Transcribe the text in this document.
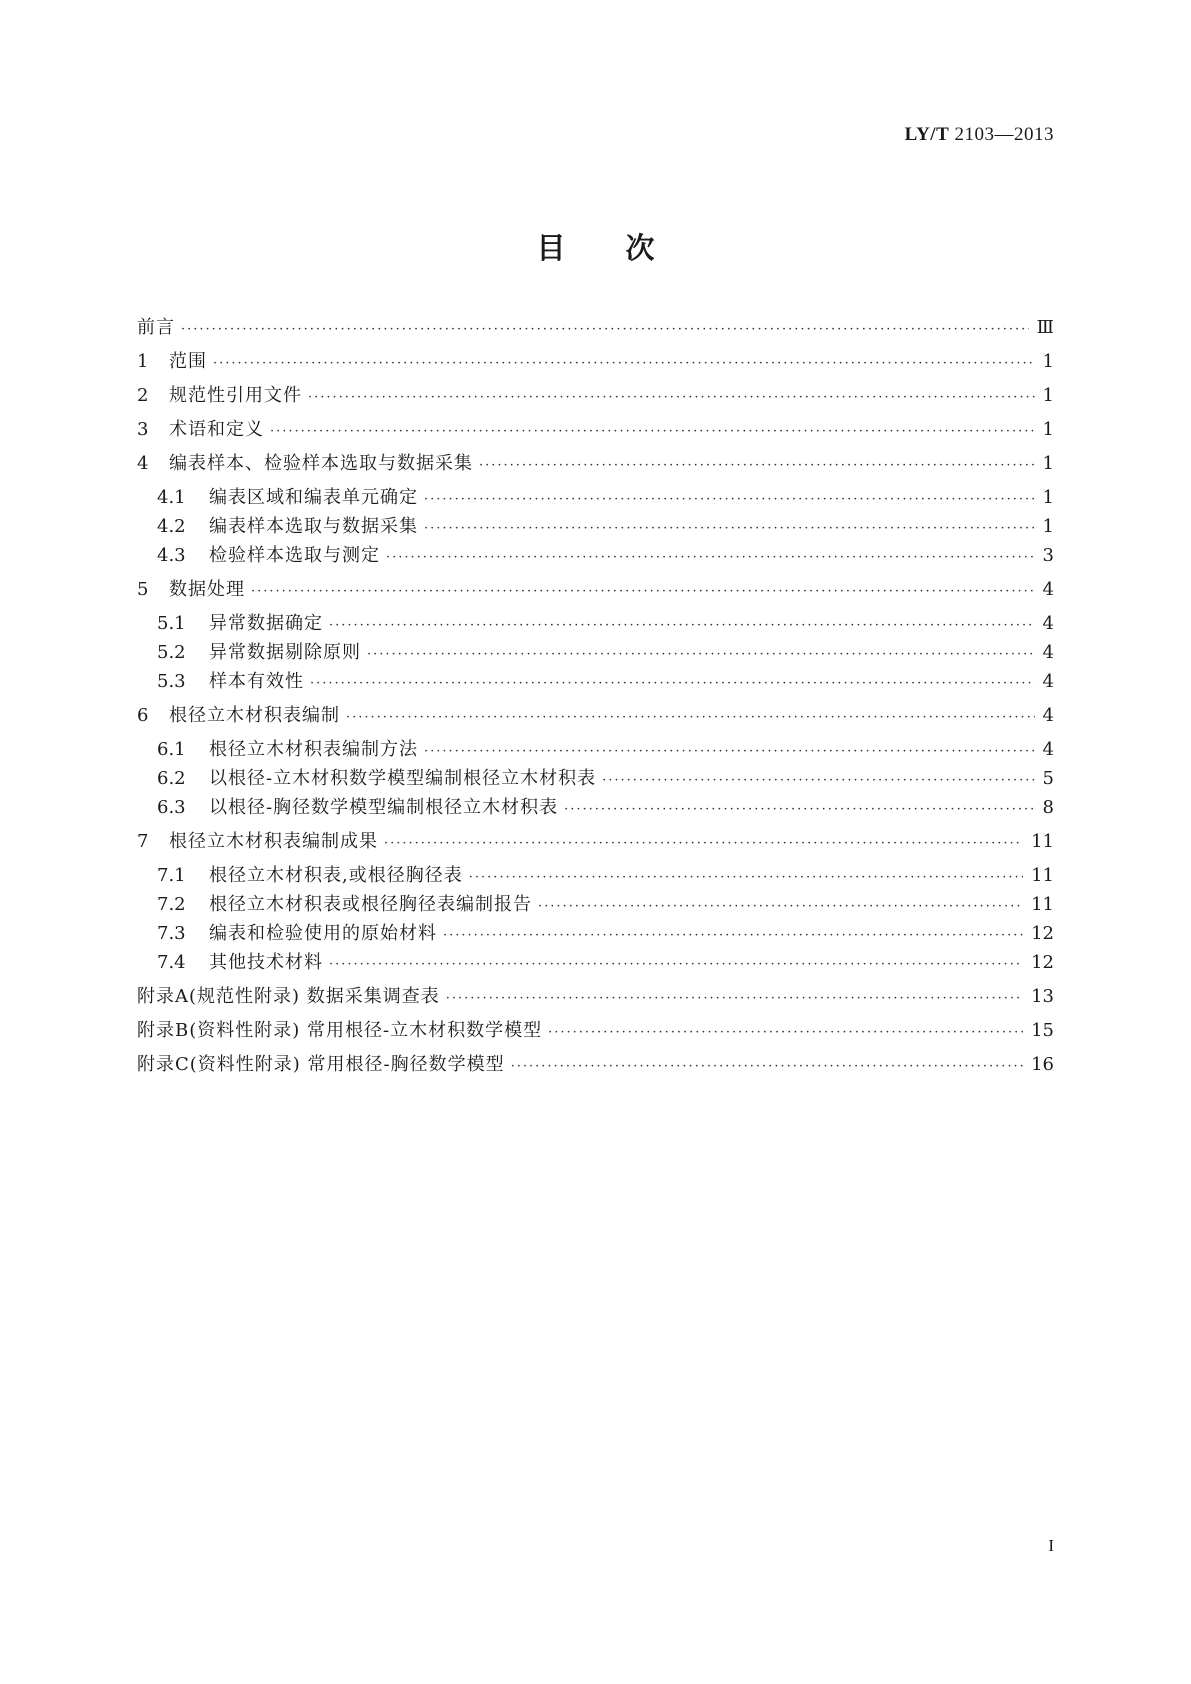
LY/T 2103—2013
目次
前言 ·····	Ⅲ
1	范围 ·····	1
2	规范性引用文件 ·····	1
3	术语和定义 ·····	1
4	编表样本、检验样本选取与数据采集 ·····	1
4.1	编表区域和编表单元确定 ·····	1
4.2	编表样本选取与数据采集 ·····	1
4.3	检验样本选取与测定 ·····	3
5	数据处理 ·····	4
5.1	异常数据确定 ·····	4
5.2	异常数据剔除原则 ·····	4
5.3	样本有效性 ·····	4
6	根径立木材积表编制 ·····	4
6.1	根径立木材积表编制方法 ·····	4
6.2	以根径-立木材积数学模型编制根径立木材积表 ·····	5
6.3	以根径-胸径数学模型编制根径立木材积表 ·····	8
7	根径立木材积表编制成果 ·····	11
7.1	根径立木材积表,或根径胸径表 ·····	11
7.2	根径立木材积表或根径胸径表编制报告 ·····	11
7.3	编表和检验使用的原始材料 ·····	12
7.4	其他技术材料 ·····	12
附录A(规范性附录) 数据采集调查表 ·····	13
附录B(资料性附录) 常用根径-立木材积数学模型 ·····	15
附录C(资料性附录) 常用根径-胸径数学模型 ·····	16
I
